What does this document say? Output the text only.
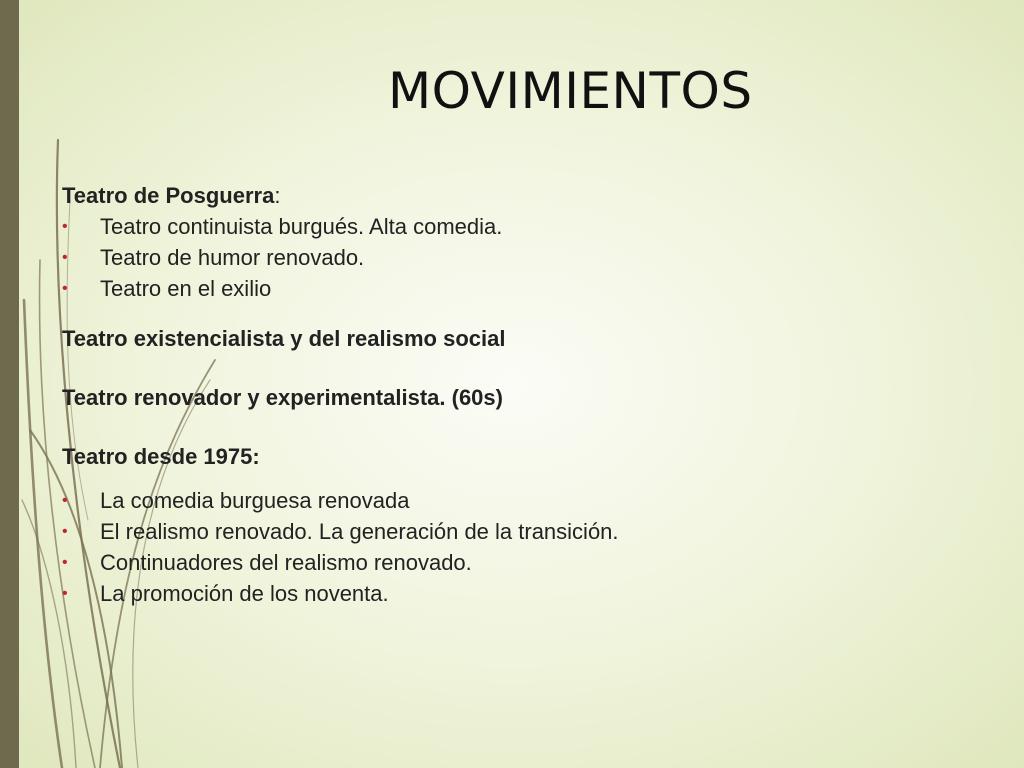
MOVIMIENTOS

Teatro de Posguerra:

• Teatro continuista burgués. Alta comedia.
• Teatro de humor renovado.
• Teatro en el exilio

Teatro existencialista y del realismo social

Teatro renovador y experimentalista. (60s)

Teatro desde 1975:

• La comedia burguesa renovada
• El realismo renovado. La generación de la transición.
• Continuadores del realismo renovado.
• La promoción de los noventa.
